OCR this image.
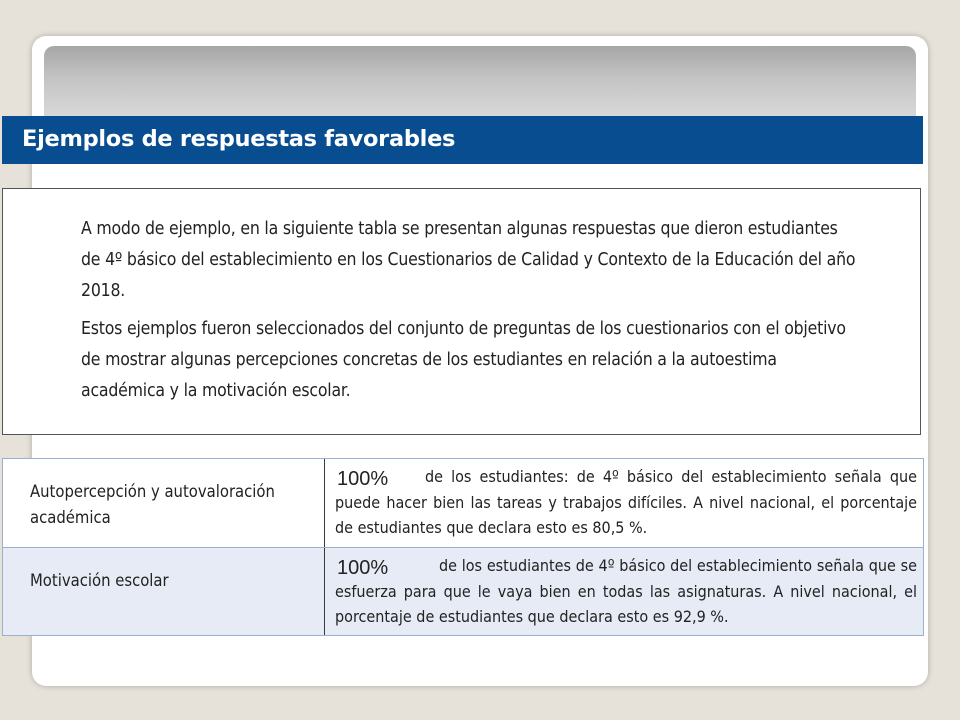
Ejemplos de respuestas favorables

A modo de ejemplo, en la siguiente tabla se presentan algunas respuestas que dieron estudiantes de 4º básico del establecimiento en los Cuestionarios de Calidad y Contexto de la Educación del año 2018.

Estos ejemplos fueron seleccionados del conjunto de preguntas de los cuestionarios con el objetivo de mostrar algunas percepciones concretas de los estudiantes en relación a la autoestima académica y la motivación escolar.

Autopercepción y autovaloración académica

100%	de los estudiantes: de 4º básico del establecimiento señala que puede hacer bien las tareas y trabajos difíciles. A nivel nacional, el porcentaje de estudiantes que declara esto es 80,5 %.

Motivación escolar

100%	de los estudiantes de 4º básico del establecimiento señala que se esfuerza para que le vaya bien en todas las asignaturas. A nivel nacional, el porcentaje de estudiantes que declara esto es 92,9 %.
